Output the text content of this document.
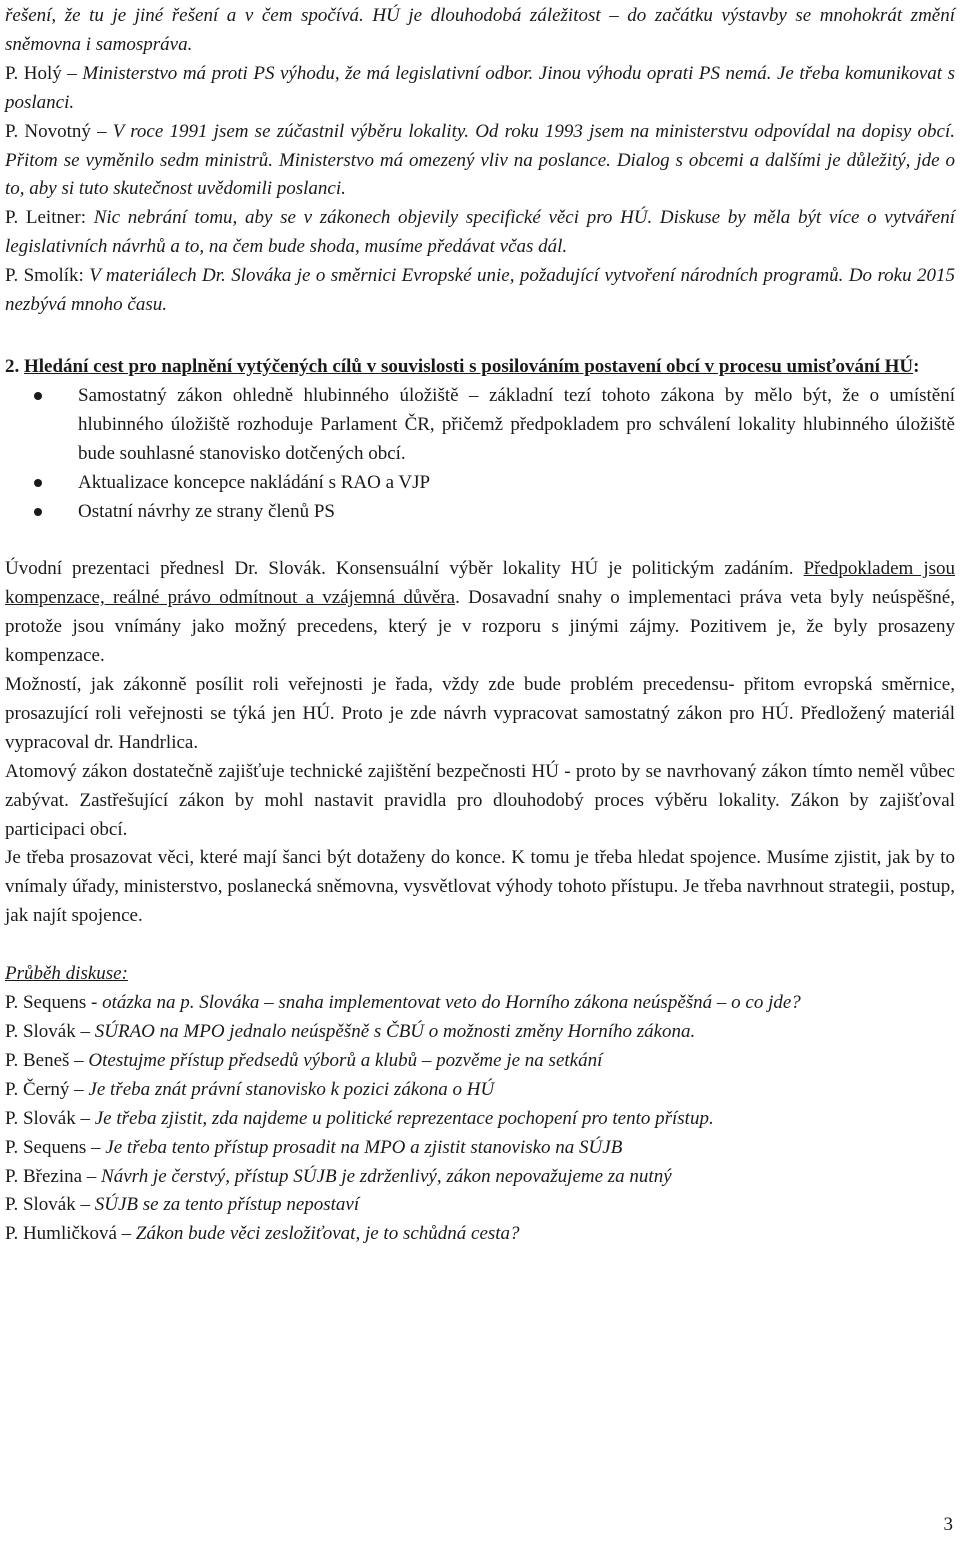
řešení, že tu je jiné řešení a v čem spočívá. HÚ je dlouhodobá záležitost – do začátku výstavby se mnohokrát změní sněmovna i samospráva.

P. Holý – Ministerstvo má proti PS výhodu, že má legislativní odbor. Jinou výhodu oprati PS nemá. Je třeba komunikovat s poslanci.

P. Novotný – V roce 1991 jsem se zúčastnil výběru lokality. Od roku 1993 jsem na ministerstvu odpovídal na dopisy obcí. Přitom se vyměnilo sedm ministrů. Ministerstvo má omezený vliv na poslance. Dialog s obcemi a dalšími je důležitý, jde o to, aby si tuto skutečnost uvědomili poslanci.

P. Leitner: Nic nebrání tomu, aby se v zákonech objevily specifické věci pro HÚ. Diskuse by měla být více o vytváření legislativních návrhů a to, na čem bude shoda, musíme předávat včas dál.

P. Smolík: V materiálech Dr. Slováka je o směrnici Evropské unie, požadující vytvoření národních programů. Do roku 2015 nezbývá mnoho času.

2. Hledání cest pro naplnění vytýčených cílů v souvislosti s posilováním postavení obcí v procesu umisťování HÚ:

Samostatný zákon ohledně hlubinného úložiště – základní tezí tohoto zákona by mělo být, že o umístění hlubinného úložiště rozhoduje Parlament ČR, přičemž předpokladem pro schválení lokality hlubinného úložiště bude souhlasné stanovisko dotčených obcí.
Aktualizace koncepce nakládání s RAO a VJP
Ostatní návrhy ze strany členů PS

Úvodní prezentaci přednesl Dr. Slovák. Konsensuální výběr lokality HÚ je politickým zadáním. Předpokladem jsou kompenzace, reálné právo odmítnout a vzájemná důvěra. Dosavadní snahy o implementaci práva veta byly neúspěšné, protože jsou vnímány jako možný precedens, který je v rozporu s jinými zájmy. Pozitivem je, že byly prosazeny kompenzace.

Možností, jak zákonně posílit roli veřejnosti je řada, vždy zde bude problém precedensu- přitom evropská směrnice, prosazující roli veřejnosti se týká jen HÚ. Proto je zde návrh vypracovat samostatný zákon pro HÚ. Předložený materiál vypracoval dr. Handrlica.

Atomový zákon dostatečně zajišťuje technické zajištění bezpečnosti HÚ - proto by se navrhovaný zákon tímto neměl vůbec zabývat. Zastřešující zákon by mohl nastavit pravidla pro dlouhodobý proces výběru lokality. Zákon by zajišťoval participaci obcí.

Je třeba prosazovat věci, které mají šanci být dotaženy do konce. K tomu je třeba hledat spojence. Musíme zjistit, jak by to vnímaly úřady, ministerstvo, poslanecká sněmovna, vysvětlovat výhody tohoto přístupu. Je třeba navrhnout strategii, postup, jak najít spojence.

Průběh diskuse:

P. Sequens - otázka na p. Slováka – snaha implementovat veto do Horního zákona neúspěšná – o co jde?

P. Slovák – SÚRAO na MPO jednalo neúspěšně s ČBÚ o možnosti změny Horního zákona.

P. Beneš – Otestujme přístup předsedů výborů a klubů – pozvěme je na setkání

P. Černý – Je třeba znát právní stanovisko k pozici zákona o HÚ

P. Slovák – Je třeba zjistit, zda najdeme u politické reprezentace pochopení pro tento přístup.

P. Sequens – Je třeba tento přístup prosadit na MPO a zjistit stanovisko na SÚJB

P. Březina – Návrh je čerstvý, přístup SÚJB je zdrženlivý, zákon nepovažujeme za nutný

P. Slovák – SÚJB se za tento přístup nepostaví

P. Humličková – Zákon bude věci zesložiťovat, je to schůdná cesta?

3
